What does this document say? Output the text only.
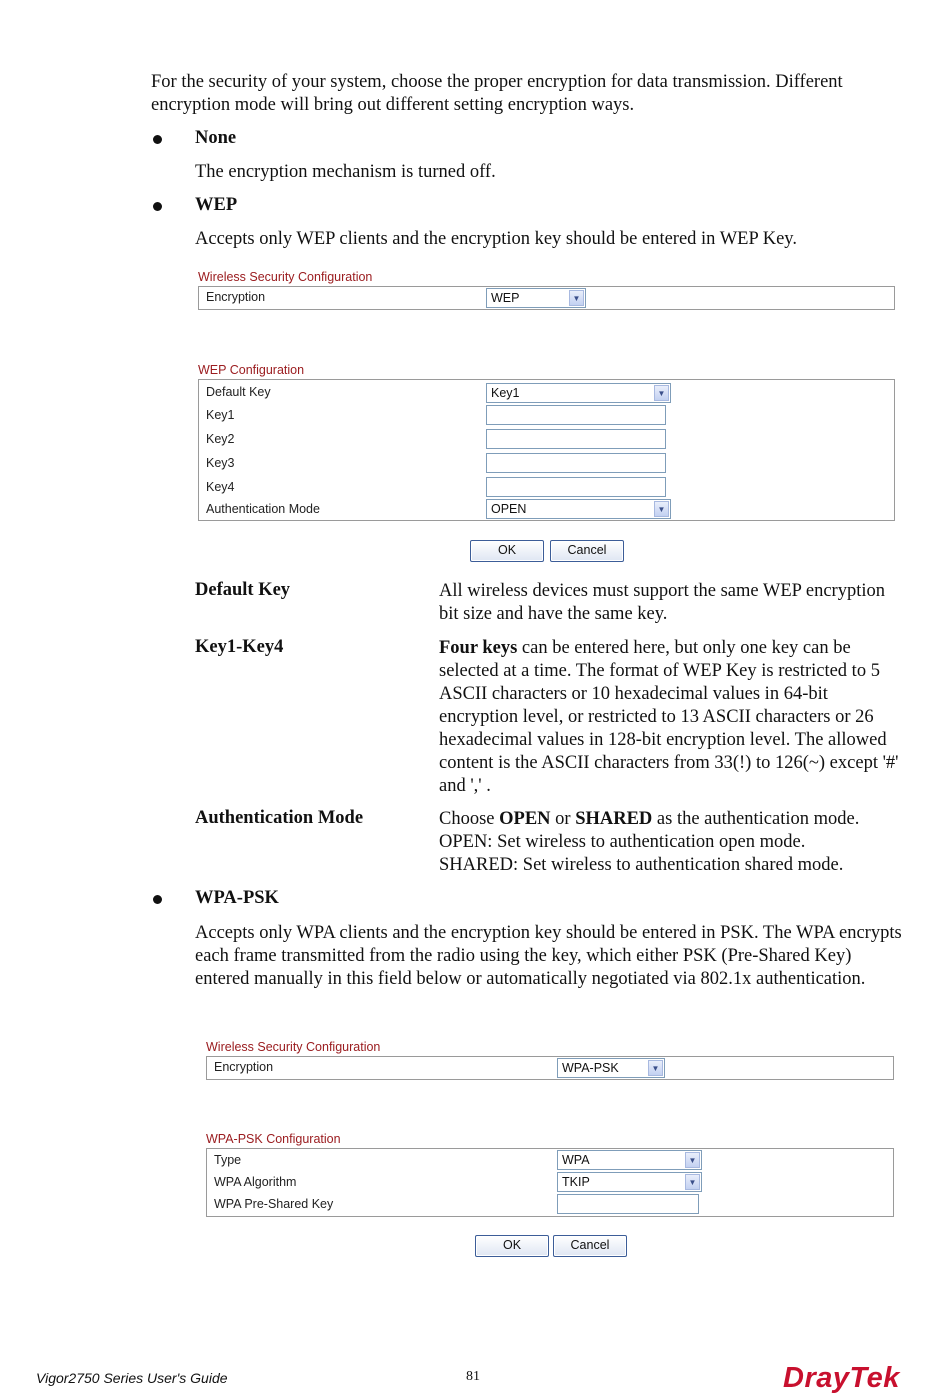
For the security of your system, choose the proper encryption for data transmission. Different encryption mode will bring out different setting encryption ways.
None
The encryption mechanism is turned off.
WEP
Accepts only WEP clients and the encryption key should be entered in WEP Key.
Wireless Security Configuration
Encryption	WEP	▼
WEP Configuration
Default Key	Key1	▼
Key1
Key2
Key3
Key4
Authentication Mode	OPEN	▼
OK	Cancel
Default Key	All wireless devices must support the same WEP encryption bit size and have the same key.
Key1-Key4	Four keys can be entered here, but only one key can be selected at a time. The format of WEP Key is restricted to 5 ASCII characters or 10 hexadecimal values in 64-bit encryption level, or restricted to 13 ASCII characters or 26 hexadecimal values in 128-bit encryption level. The allowed content is the ASCII characters from 33(!) to 126(~) except '#' and ',' .
Authentication Mode	Choose OPEN or SHARED as the authentication mode.
OPEN: Set wireless to authentication open mode.
SHARED: Set wireless to authentication shared mode.
WPA-PSK
Accepts only WPA clients and the encryption key should be entered in PSK. The WPA encrypts each frame transmitted from the radio using the key, which either PSK (Pre-Shared Key) entered manually in this field below or automatically negotiated via 802.1x authentication.
Wireless Security Configuration
Encryption	WPA-PSK	▼
WPA-PSK Configuration
Type	WPA	▼
WPA Algorithm	TKIP	▼
WPA Pre-Shared Key
OK	Cancel
Vigor2750 Series User's Guide	81	DrayTek
